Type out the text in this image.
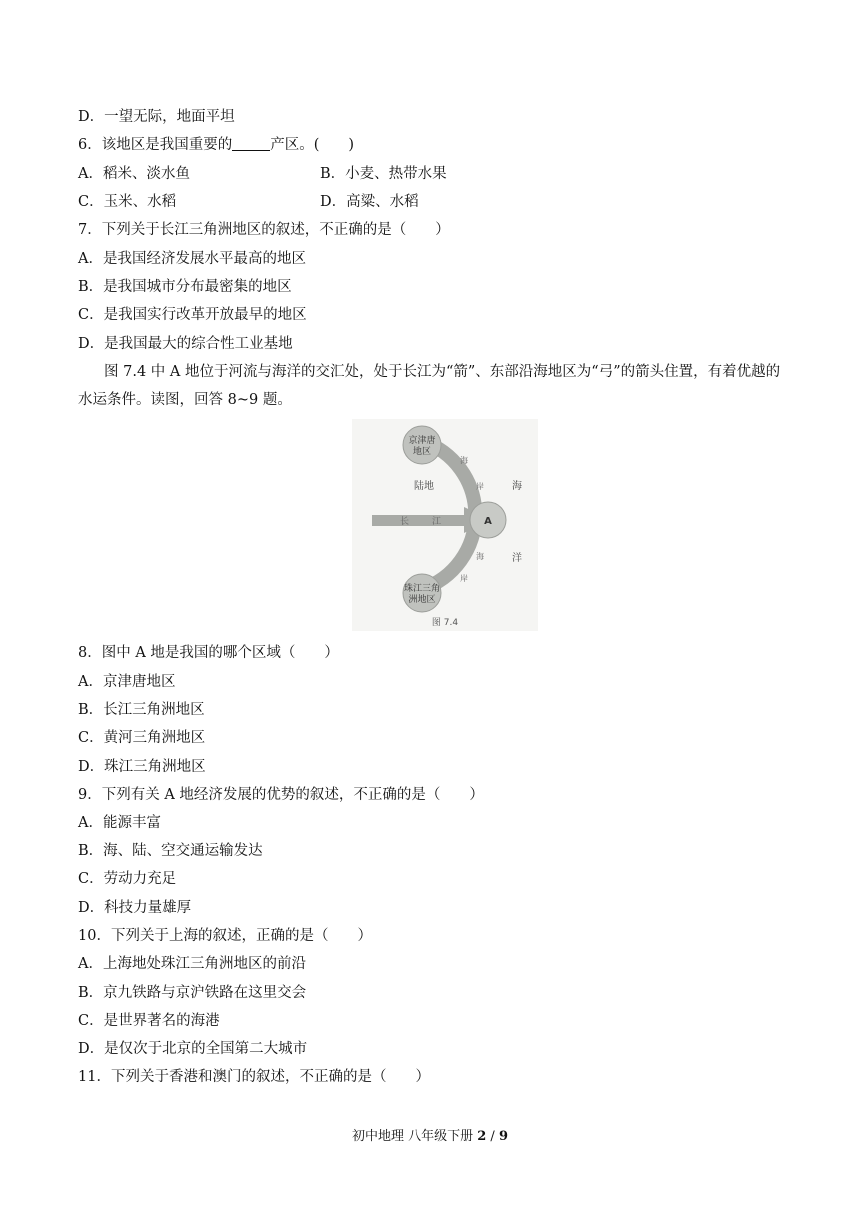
D．一望无际，地面平坦
6．该地区是我国重要的	产区。(　　)
A．稻米、淡水鱼	B．小麦、热带水果
C．玉米、水稻	D．高粱、水稻
7．下列关于长江三角洲地区的叙述，不正确的是（　　）
A．是我国经济发展水平最高的地区
B．是我国城市分布最密集的地区
C．是我国实行改革开放最早的地区
D．是我国最大的综合性工业基地
图 7.4 中 A 地位于河流与海洋的交汇处，处于长江为“箭”、东部沿海地区为“弓”的箭头住置，有着优越的水运条件。读图，回答 8~9 题。
京津唐
地区
珠江三角
洲地区
陆地	海
洋
长	江	A
海
岸
海
岸
图 7.4
8．图中 A 地是我国的哪个区域（　　）
A．京津唐地区
B．长江三角洲地区
C．黄河三角洲地区
D．珠江三角洲地区
9．下列有关 A 地经济发展的优势的叙述，不正确的是（　　）
A．能源丰富
B．海、陆、空交通运输发达
C．劳动力充足
D．科技力量雄厚
10．下列关于上海的叙述，正确的是（　　）
A．上海地处珠江三角洲地区的前沿
B．京九铁路与京沪铁路在这里交会
C．是世界著名的海港
D．是仅次于北京的全国第二大城市
11．下列关于香港和澳门的叙述，不正确的是（　　）
初中地理 八年级下册 2 / 9
